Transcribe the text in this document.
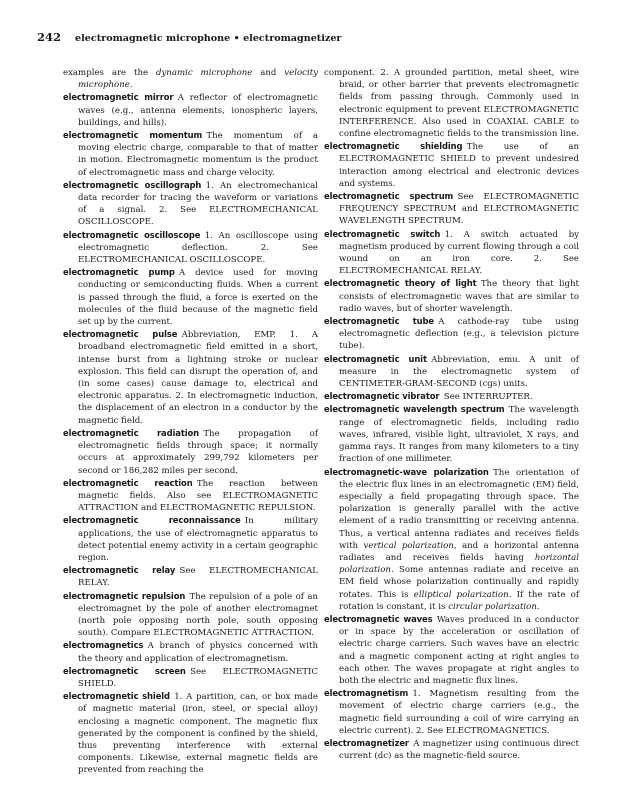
242 electromagnetic microphone • electromagnetizer

examples are the dynamic microphone and velocity microphone.

electromagnetic mirror  A reflector of electromagnetic waves (e.g., antenna elements, ionospheric layers, buildings, and hills).

electromagnetic momentum  The momentum of a moving electric charge, comparable to that of matter in motion. Electromagnetic momentum is the product of electromagnetic mass and charge velocity.

electromagnetic oscillograph  1. An electromechanical data recorder for tracing the waveform or variations of a signal. 2. See ELECTROMECHANICAL OSCILLOSCOPE.

electromagnetic oscilloscope  1. An oscilloscope using electromagnetic deflection. 2. See ELECTROMECHANICAL OSCILLOSCOPE.

electromagnetic pump  A device used for moving conducting or semiconducting fluids. When a current is passed through the fluid, a force is exerted on the molecules of the fluid because of the magnetic field set up by the current.

electromagnetic pulse  Abbreviation, EMP. 1. A broadband electromagnetic field emitted in a short, intense burst from a lightning stroke or nuclear explosion. This field can disrupt the operation of, and (in some cases) cause damage to, electrical and electronic apparatus. 2. In electromagnetic induction, the displacement of an electron in a conductor by the magnetic field.

electromagnetic radiation  The propagation of electromagnetic fields through space; it normally occurs at approximately 299,792 kilometers per second or 186,282 miles per second.

electromagnetic reaction  The reaction between magnetic fields. Also see ELECTROMAGNETIC ATTRACTION and ELECTROMAGNETIC REPULSION.

electromagnetic reconnaissance  In military applications, the use of electromagnetic apparatus to detect potential enemy activity in a certain geographic region.

electromagnetic relay  See ELECTROMECHANICAL RELAY.

electromagnetic repulsion  The repulsion of a pole of an electromagnet by the pole of another electromagnet (north pole opposing north pole, south opposing south). Compare ELECTROMAGNETIC ATTRACTION.

electromagnetics  A branch of physics concerned with the theory and application of electromagnetism.

electromagnetic screen  See ELECTROMAGNETIC SHIELD.

electromagnetic shield  1. A partition, can, or box made of magnetic material (iron, steel, or special alloy) enclosing a magnetic component. The magnetic flux generated by the component is confined by the shield, thus preventing interference with external components. Likewise, external magnetic fields are prevented from reaching the

component. 2. A grounded partition, metal sheet, wire braid, or other barrier that prevents electromagnetic fields from passing through. Commonly used in electronic equipment to prevent ELECTROMAGNETIC INTERFERENCE. Also used in COAXIAL CABLE to confine electromagnetic fields to the transmission line.

electromagnetic shielding  The use of an ELECTROMAGNETIC SHIELD to prevent undesired interaction among electrical and electronic devices and systems.

electromagnetic spectrum  See ELECTROMAGNETIC FREQUENCY SPECTRUM and ELECTROMAGNETIC WAVELENGTH SPECTRUM.

electromagnetic switch  1. A switch actuated by magnetism produced by current flowing through a coil wound on an iron core. 2. See ELECTROMECHANICAL RELAY.

electromagnetic theory of light  The theory that light consists of electromagnetic waves that are similar to radio waves, but of shorter wavelength.

electromagnetic tube  A cathode-ray tube using electromagnetic deflection (e.g., a television picture tube).

electromagnetic unit  Abbreviation, emu. A unit of measure in the electromagnetic system of CENTIMETER-GRAM-SECOND (cgs) units.

electromagnetic vibrator  See INTERRUPTER.

electromagnetic wavelength spectrum  The wavelength range of electromagnetic fields, including radio waves, infrared, visible light, ultraviolet, X rays, and gamma rays. It ranges from many kilometers to a tiny fraction of one millimeter.

electromagnetic-wave polarization  The orientation of the electric flux lines in an electromagnetic (EM) field, especially a field propagating through space. The polarization is generally parallel with the active element of a radio transmitting or receiving antenna. Thus, a vertical antenna radiates and receives fields with vertical polarization, and a horizontal antenna radiates and receives fields having horizontal polarization. Some antennas radiate and receive an EM field whose polarization continually and rapidly rotates. This is elliptical polarization. If the rate of rotation is constant, it is circular polarization.

electromagnetic waves  Waves produced in a conductor or in space by the acceleration or oscillation of electric charge carriers. Such waves have an electric and a magnetic component acting at right angles to each other. The waves propagate at right angles to both the electric and magnetic flux lines.

electromagnetism  1. Magnetism resulting from the movement of electric charge carriers (e.g., the magnetic field surrounding a coil of wire carrying an electric current). 2. See ELECTROMAGNETICS.

electromagnetizer  A magnetizer using continuous direct current (dc) as the magnetic-field source.
